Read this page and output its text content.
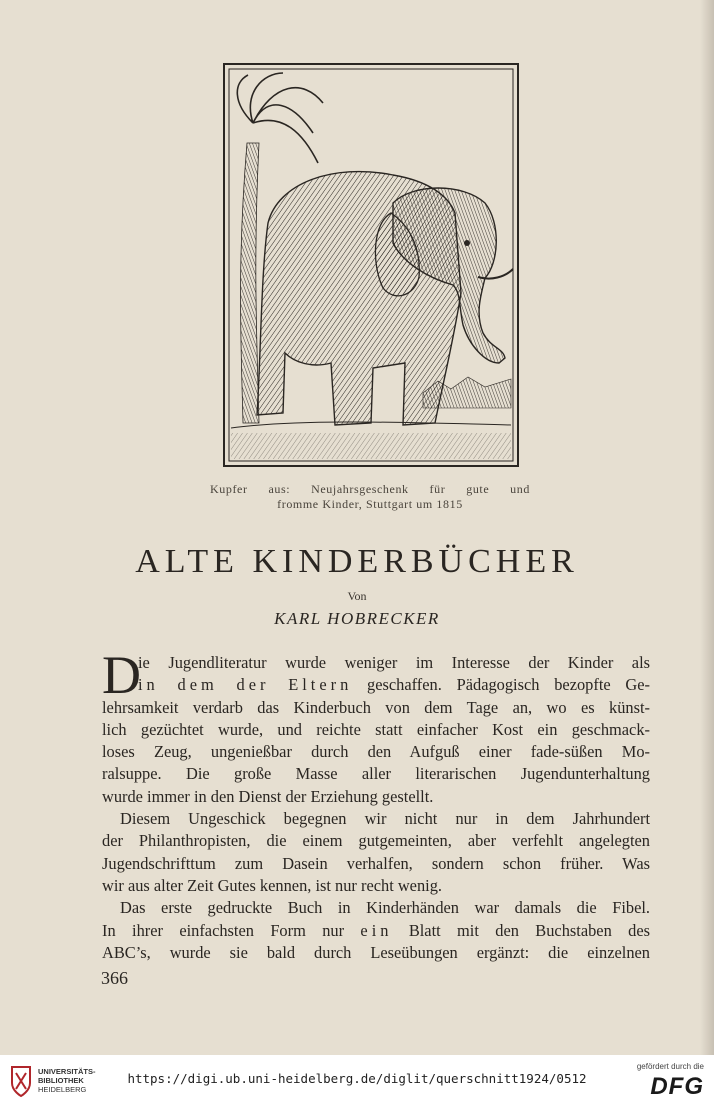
Kupfer aus: Neujahrsgeschenk für gute und
fromme Kinder, Stuttgart um 1815
ALTE KINDERBÜCHER
Von
KARL HOBRECKER
D
ie Jugendliteratur wurde weniger im Interesse der Kinder als
in dem der Eltern geschaffen. Pädagogisch bezopfte Ge-
lehrsamkeit verdarb das Kinderbuch von dem Tage an, wo es künst-
lich gezüchtet wurde, und reichte statt einfacher Kost ein geschmack-
loses Zeug, ungenießbar durch den Aufguß einer fade-süßen Mo-
ralsuppe. Die große Masse aller literarischen Jugendunterhaltung
wurde immer in den Dienst der Erziehung gestellt.
Diesem Ungeschick begegnen wir nicht nur in dem Jahrhundert
der Philanthropisten, die einem gutgemeinten, aber verfehlt angelegten
Jugendschrifttum zum Dasein verhalfen, sondern schon früher. Was
wir aus alter Zeit Gutes kennen, ist nur recht wenig.
Das erste gedruckte Buch in Kinderhänden war damals die Fibel.
In ihrer einfachsten Form nur ein Blatt mit den Buchstaben des
ABC’s, wurde sie bald durch Leseübungen ergänzt: die einzelnen
366
UNIVERSITÄTS-
BIBLIOTHEK
HEIDELBERG
https://digi.ub.uni-heidelberg.de/diglit/querschnitt1924/0512
gefördert durch die
DFG
